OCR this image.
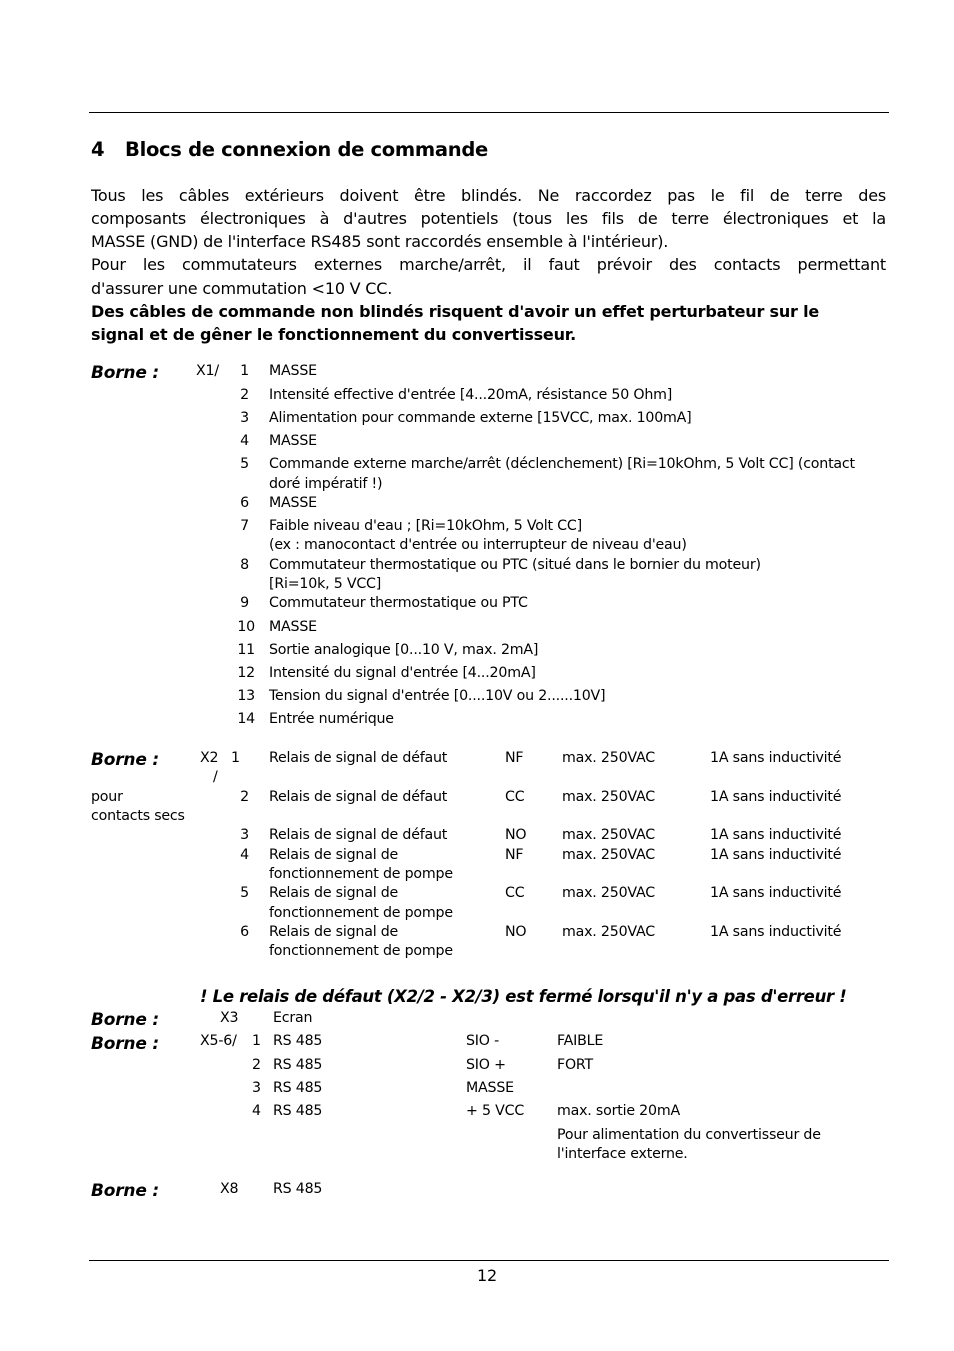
4 Blocs de connexion de commande
Tous les câbles extérieurs doivent être blindés. Ne raccordez pas le fil de terre des
composants électroniques à d'autres potentiels (tous les fils de terre électroniques et la
MASSE (GND) de l'interface RS485 sont raccordés ensemble à l'intérieur).
Pour les commutateurs externes marche/arrêt, il faut prévoir des contacts permettant
d'assurer une commutation <10 V CC.
Des câbles de commande non blindés risquent d'avoir un effet perturbateur sur le
signal et de gêner le fonctionnement du convertisseur.
Borne :	X1/	1 MASSE
2 Intensité effective d'entrée [4...20mA, résistance 50 Ohm]
3 Alimentation pour commande externe [15VCC, max. 100mA]
4 MASSE
5 Commande externe marche/arrêt (déclenchement) [Ri=10kOhm, 5 Volt CC] (contact
doré impératif !)
6 MASSE
7 Faible niveau d'eau ; [Ri=10kOhm, 5 Volt CC]
(ex : manocontact d'entrée ou interrupteur de niveau d'eau)
8 Commutateur thermostatique ou PTC (situé dans le bornier du moteur)
[Ri=10k, 5 VCC]
9 Commutateur thermostatique ou PTC
10 MASSE
11 Sortie analogique [0...10 V, max. 2mA]
12 Intensité du signal d'entrée [4...20mA]
13 Tension du signal d'entrée [0....10V ou 2......10V]
14 Entrée numérique
Borne :	X2
/
pour
contacts secs
1 Relais de signal de défaut	NF	max. 250VAC	1A sans inductivité
2 Relais de signal de défaut	CC	max. 250VAC	1A sans inductivité
3 Relais de signal de défaut	NO	max. 250VAC	1A sans inductivité
4 Relais de signal de
fonctionnement de pompe
NF	max. 250VAC	1A sans inductivité
5 Relais de signal de
fonctionnement de pompe
CC	max. 250VAC	1A sans inductivité
6 Relais de signal de
fonctionnement de pompe
NO	max. 250VAC	1A sans inductivité
! Le relais de défaut (X2/2 - X2/3) est fermé lorsqu'il n'y a pas d'erreur !
Borne :	X3 Ecran
Borne :	X5-6/ 1 RS 485	SIO -	FAIBLE
2 RS 485	SIO +	FORT
3 RS 485	MASSE
4 RS 485	+ 5 VCC max. sortie 20mA
Pour alimentation du convertisseur de
l'interface externe.
Borne :	X8 RS 485
12
